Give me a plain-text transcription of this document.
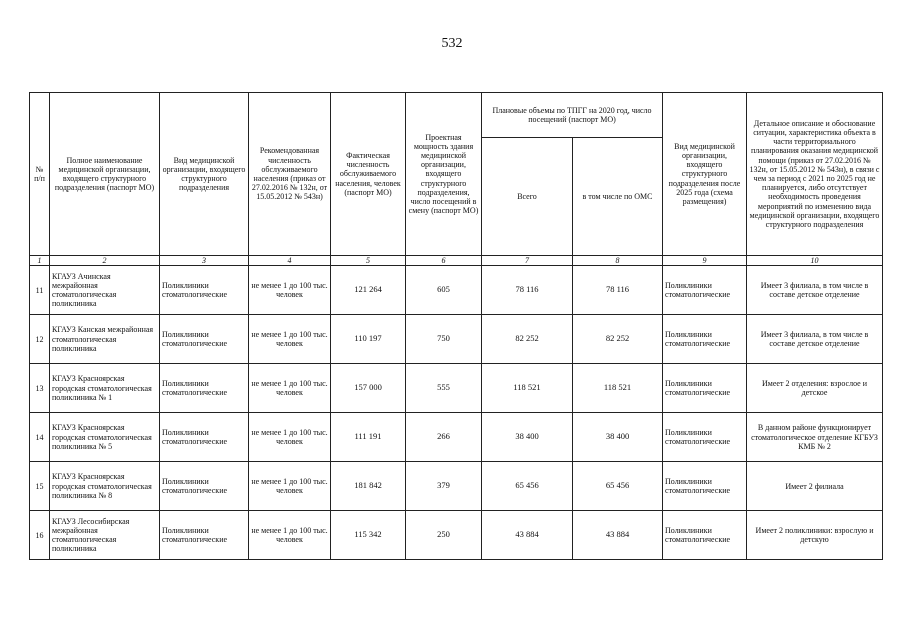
532
№ п/п	Полное наименование медицинской организации, входящего структурного подразделения (паспорт МО)	Вид медицинской организации, входящего структурного подразделения	Рекомендованная численность обслуживаемого населения (приказ от 27.02.2016 № 132н, от 15.05.2012 № 543н)	Фактическая численность обслуживаемого населения, человек (паспорт МО)	Проектная мощность здания медицинской организации, входящего структурного подразделения, число посещений в смену (паспорт МО)	Плановые объемы по ТПГГ на 2020 год, число посещений (паспорт МО)		Вид медицинской организации, входящего структурного подразделения после 2025 года (схема размещения)	Детальное описание и обоснование ситуации, характеристика объекта в части территориального планирования оказания медицинской помощи (приказ от 27.02.2016 № 132н, от 15.05.2012 № 543н), в связи с чем за период с 2021 по 2025 год не планируется, либо отсутствует необходимость проведения мероприятий по изменению вида медицинской организации, входящего структурного подразделения
						Всего	в том числе по ОМС		
1	2	3	4	5	6	7	8	9	10
11	КГАУЗ Ачинская межрайонная стоматологическая поликлиника	Поликлиники стоматологические	не менее 1 до 100 тыс. человек	121 264	605	78 116	78 116	Поликлиники стоматологические	Имеет 3 филиала, в том числе в составе детское отделение
12	КГАУЗ Канская межрайонная стоматологическая поликлиника	Поликлиники стоматологические	не менее 1 до 100 тыс. человек	110 197	750	82 252	82 252	Поликлиники стоматологические	Имеет 3 филиала, в том числе в составе детское отделение
13	КГАУЗ Красноярская городская стоматологическая поликлиника № 1	Поликлиники стоматологические	не менее 1 до 100 тыс. человек	157 000	555	118 521	118 521	Поликлиники стоматологические	Имеет 2 отделения: взрослое и детское
14	КГАУЗ Красноярская городская стоматологическая поликлиника № 5	Поликлиники стоматологические	не менее 1 до 100 тыс. человек	111 191	266	38 400	38 400	Поликлиники стоматологические	В данном районе функционирует стоматологическое отделение КГБУЗ КМБ № 2
15	КГАУЗ Красноярская городская стоматологическая поликлиника № 8	Поликлиники стоматологические	не менее 1 до 100 тыс. человек	181 842	379	65 456	65 456	Поликлиники стоматологические	Имеет 2 филиала
16	КГАУЗ Лесосибирская межрайонная стоматологическая поликлиника	Поликлиники стоматологические	не менее 1 до 100 тыс. человек	115 342	250	43 884	43 884	Поликлиники стоматологические	Имеет 2 поликлиники: взрослую и детскую
